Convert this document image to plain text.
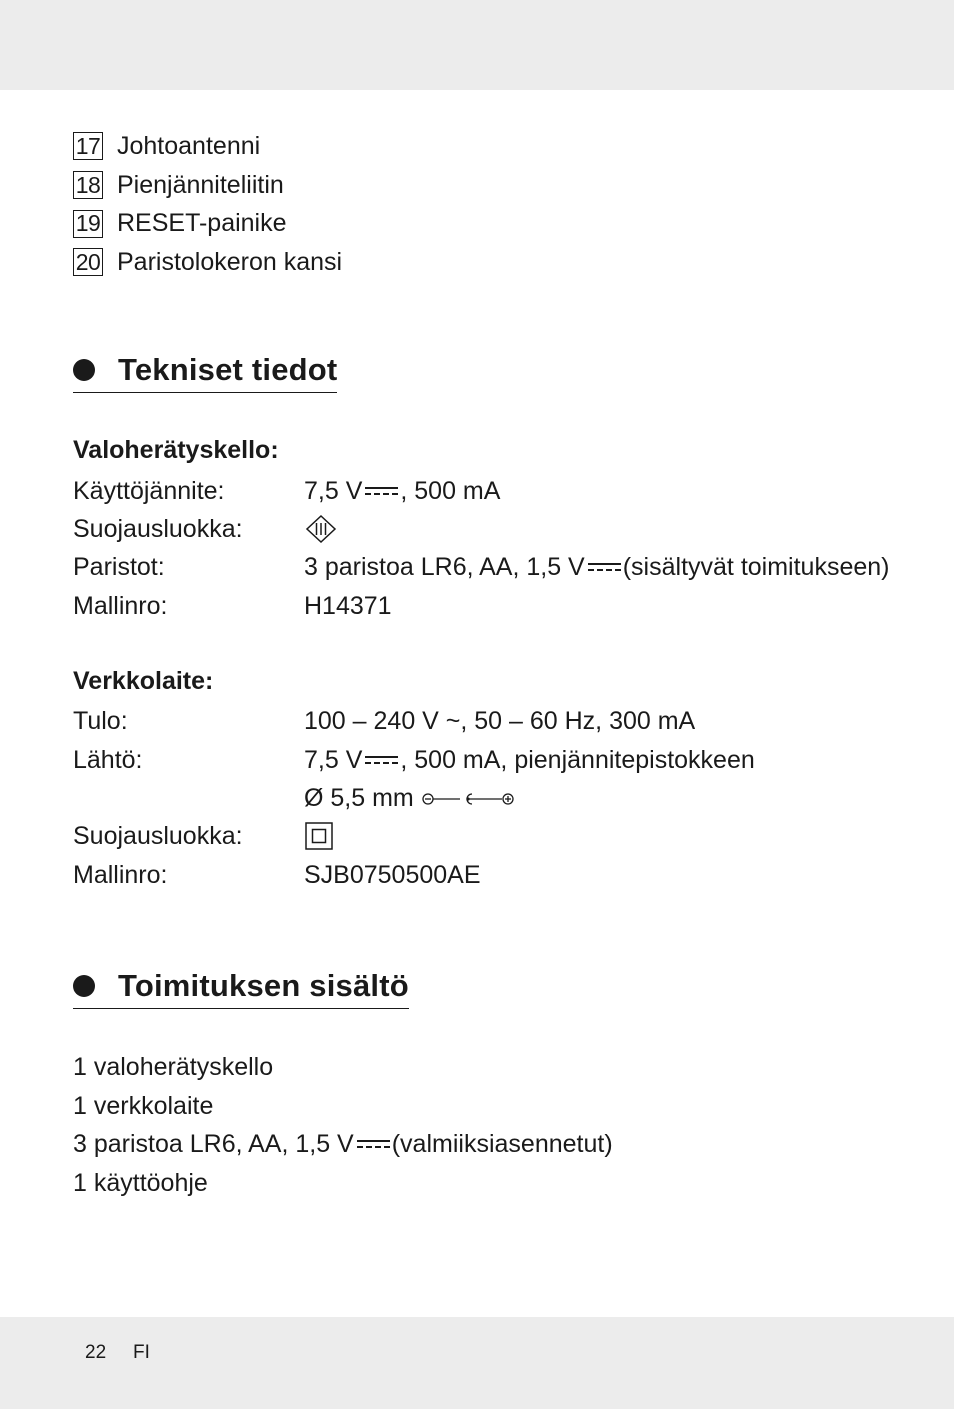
17 Johtoantenni
18 Pienjänniteliitin
19 RESET-painike
20 Paristolokeron kansi
Tekniset tiedot
Valoherätyskello:
Käyttöjännite:	7,5 V , 500 mA
Suojausluokka:
Paristot:	3 paristoa LR6, AA, 1,5 V (sisältyvät toimitukseen)
Mallinro:	H14371
Verkkolaite:
Tulo:	100 – 240 V ~, 50 – 60 Hz, 300 mA
Lähtö:	7,5 V , 500 mA, pienjännitepistokkeen
Ø 5,5 mm
Suojausluokka:
Mallinro:	SJB0750500AE
Toimituksen sisältö
1 valoherätyskello
1 verkkolaite
3 paristoa LR6, AA, 1,5 V (valmiiksiasennetut)
1 käyttöohje
22 FI
